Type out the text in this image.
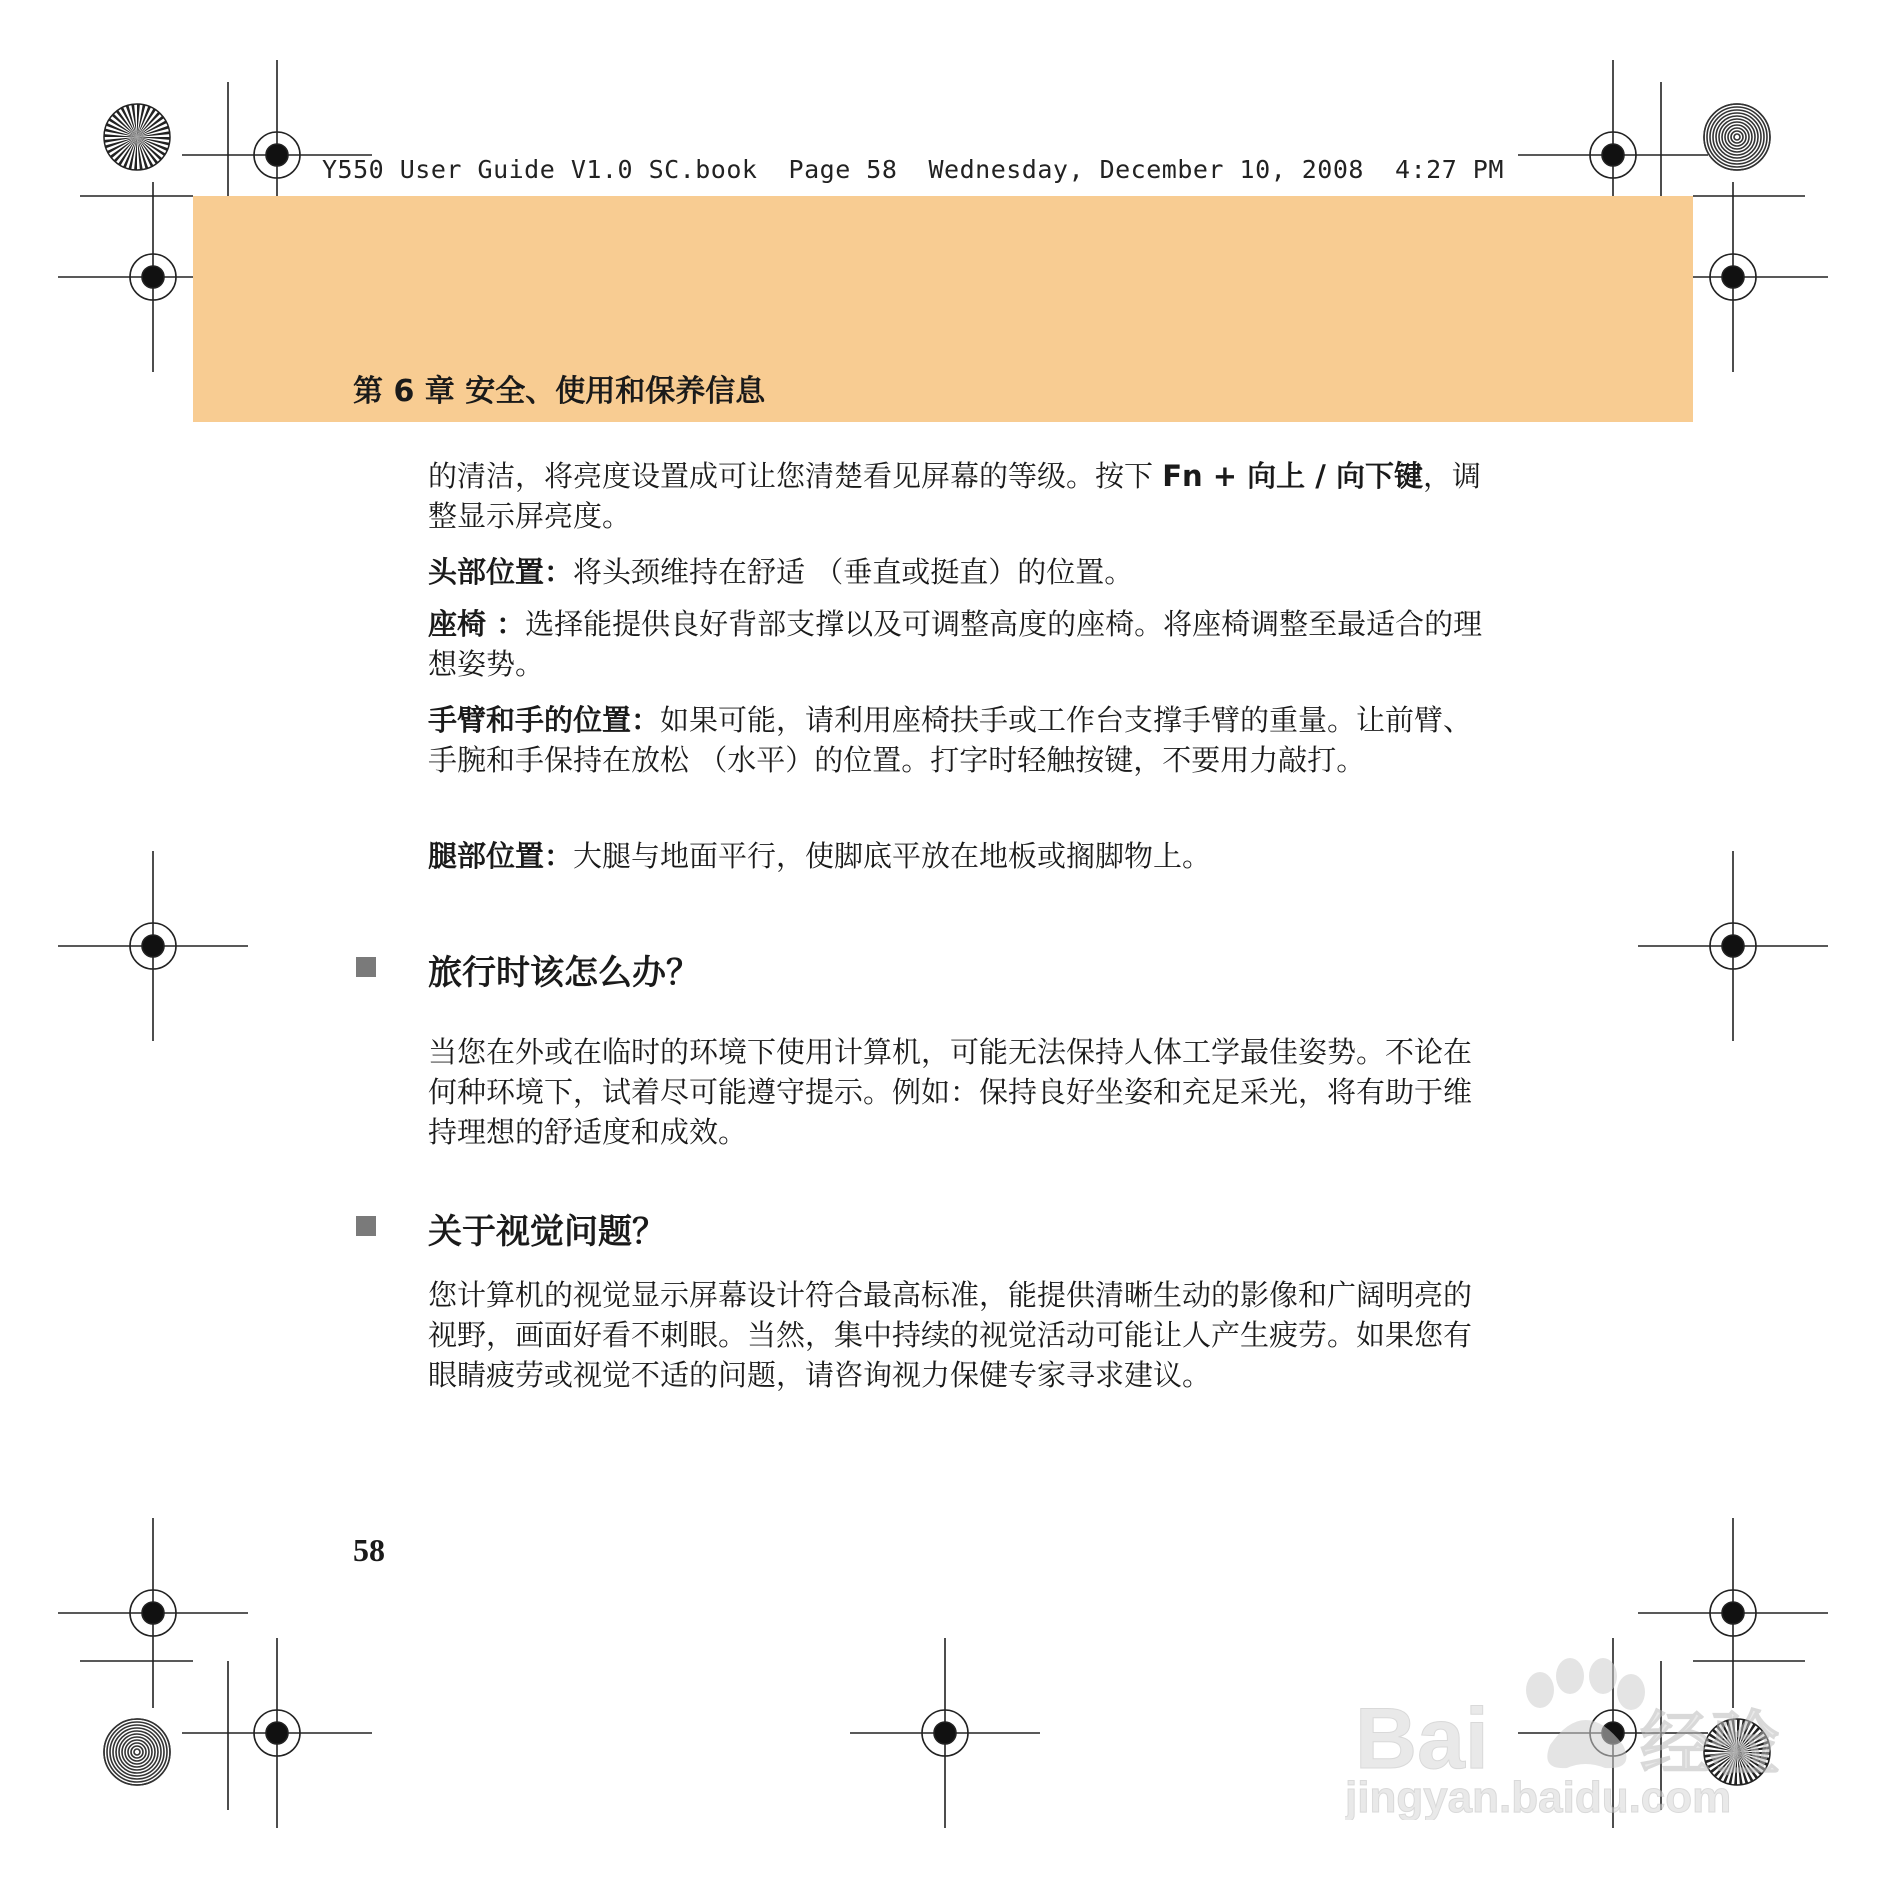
Y550 User Guide V1.0 SC.book  Page 58  Wednesday, December 10, 2008  4:27 PM
第 6 章 安全、使用和保养信息

的清洁，将亮度设置成可让您清楚看见屏幕的等级。按下 Fn + 向上 / 向下键，调整显示屏亮度。

头部位置：将头颈维持在舒适 （垂直或挺直）的位置。

座椅 ：选择能提供良好背部支撑以及可调整高度的座椅。将座椅调整至最适合的理想姿势。

手臂和手的位置：如果可能，请利用座椅扶手或工作台支撑手臂的重量。让前臂、手腕和手保持在放松 （水平）的位置。打字时轻触按键，不要用力敲打。

腿部位置：大腿与地面平行，使脚底平放在地板或搁脚物上。

旅行时该怎么办？

当您在外或在临时的环境下使用计算机，可能无法保持人体工学最佳姿势。不论在何种环境下，试着尽可能遵守提示。例如：保持良好坐姿和充足采光，将有助于维持理想的舒适度和成效。

关于视觉问题？

您计算机的视觉显示屏幕设计符合最高标准，能提供清晰生动的影像和广阔明亮的视野，画面好看不刺眼。当然，集中持续的视觉活动可能让人产生疲劳。如果您有眼睛疲劳或视觉不适的问题，请咨询视力保健专家寻求建议。

58
Bai 经验
jingyan.baidu.com
